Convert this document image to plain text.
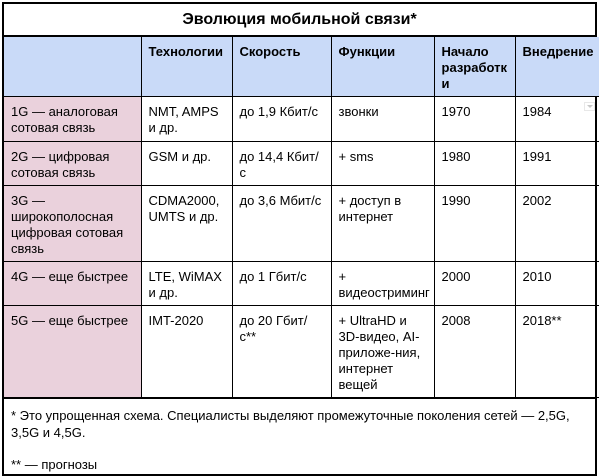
Эволюция мобильной связи*
	Технологии	Скорость	Функции	Начало разработк и	Внедрение
1G — аналоговая сотовая связь	NMT, AMPS и др.	до 1,9 Кбит/с	звонки	1970	1984

2G — цифровая сотовая связь	GSM и др.	до 14,4 Кбит/с	+ sms	1980	1991
3G — широкополосная цифровая сотовая связь	CDMA2000, UMTS и др.	до 3,6 Мбит/с	+ доступ в интернет	1990	2002
4G — еще быстрее	LTE, WiMAX и др.	до 1 Гбит/с	+ видеостриминг	2000	2010
5G — еще быстрее	IMT-2020	до 20 Гбит/с**	+ UltraHD и 3D-видео, AI-приложе-ния, интернет вещей	2008	2018**

* Это упрощенная схема. Специалисты выделяют промежуточные поколения сетей — 2,5G, 3,5G и 4,5G.

** — прогнозы
